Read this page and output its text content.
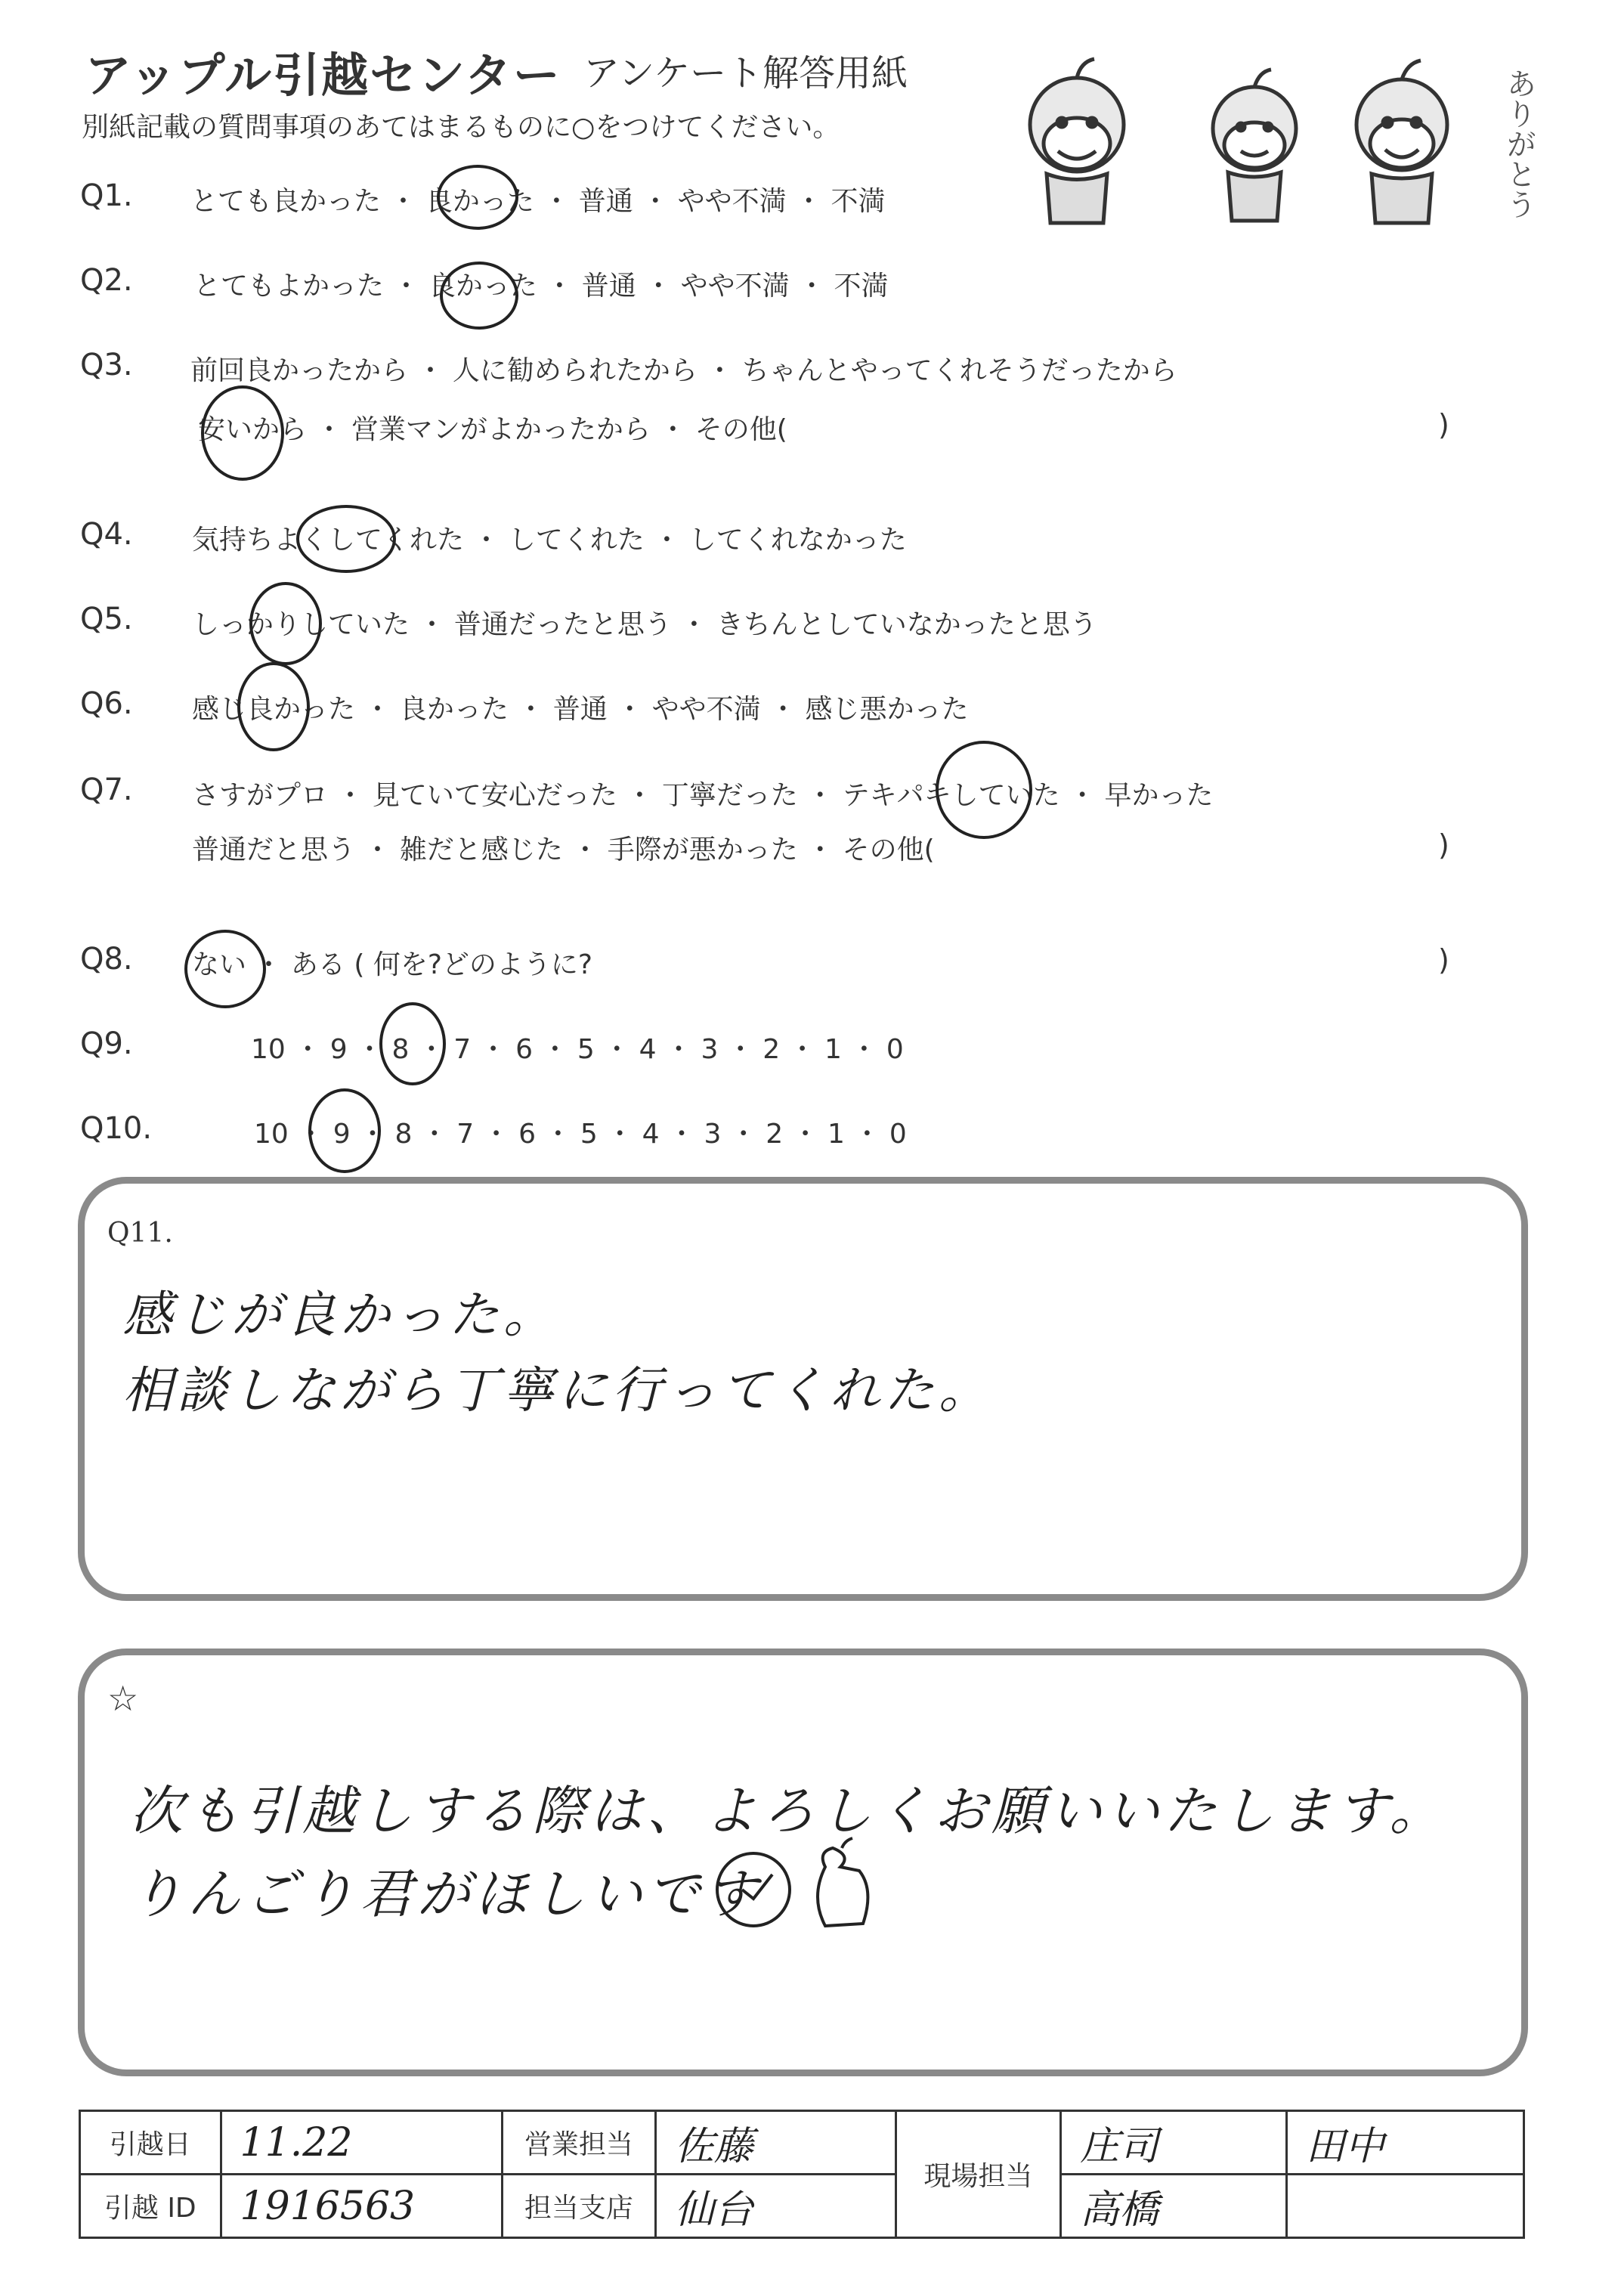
アップル引越センター アンケート解答用紙
別紙記載の質問事項のあてはまるものに○をつけてください。	ありがとう
Q1. とても良かった ・ 良かった ・ 普通 ・ やや不満 ・ 不満
Q2. とてもよかった ・ 良かった ・ 普通 ・ やや不満 ・ 不満
Q3. 前回良かったから ・ 人に勧められたから ・ ちゃんとやってくれそうだったから
安いから ・ 営業マンがよかったから ・ その他(	)
Q4. 気持ちよくしてくれた ・ してくれた ・ してくれなかった
Q5. しっかりしていた ・ 普通だったと思う ・ きちんとしていなかったと思う
Q6. 感じ良かった ・ 良かった ・ 普通 ・ やや不満 ・ 感じ悪かった
Q7. さすがプロ ・ 見ていて安心だった ・ 丁寧だった ・ テキパキしていた ・ 早かった
普通だと思う ・ 雑だと感じた ・ 手際が悪かった ・ その他(	)
Q8. ない ・ ある ( 何を?どのように?	)
Q9.	10 ・ 9 ・ 8 ・ 7 ・ 6 ・ 5 ・ 4 ・ 3 ・ 2 ・ 1 ・ 0
Q10.	10 ・ 9 ・ 8 ・ 7 ・ 6 ・ 5 ・ 4 ・ 3 ・ 2 ・ 1 ・ 0
Q11.
感じが良かった。
相談しながら丁寧に行ってくれた。
☆
次も引越しする際は、よろしくお願いいたします。
りんごり君がほしいです
引越日	11.22	営業担当	佐藤	現場担当	庄司	田中
引越 ID	1916563	担当支店	仙台		高橋	
